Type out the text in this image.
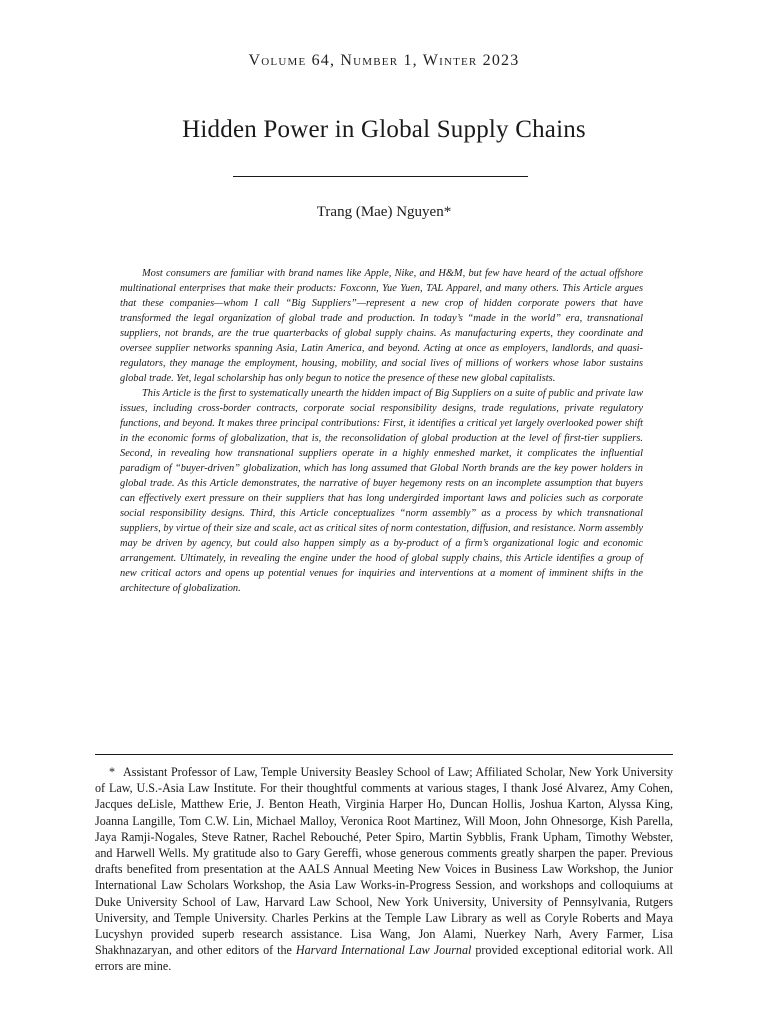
Volume 64, Number 1, Winter 2023
Hidden Power in Global Supply Chains
Trang (Mae) Nguyen*

Most consumers are familiar with brand names like Apple, Nike, and H&M, but few have heard of the actual offshore multinational enterprises that make their products: Foxconn, Yue Yuen, TAL Apparel, and many others. This Article argues that these companies—whom I call “Big Suppliers”—represent a new crop of hidden corporate powers that have transformed the legal organization of global trade and production. In today’s “made in the world” era, transnational suppliers, not brands, are the true quarterbacks of global supply chains. As manufacturing experts, they coordinate and oversee supplier networks spanning Asia, Latin America, and beyond. Acting at once as employers, landlords, and quasi-regulators, they manage the employment, housing, mobility, and social lives of millions of workers whose labor sustains global trade. Yet, legal scholarship has only begun to notice the presence of these new global capitalists.

This Article is the first to systematically unearth the hidden impact of Big Suppliers on a suite of public and private law issues, including cross-border contracts, corporate social responsibility designs, trade regulations, private regulatory functions, and beyond. It makes three principal contributions: First, it identifies a critical yet largely overlooked power shift in the economic forms of globalization, that is, the reconsolidation of global production at the level of first-tier suppliers. Second, in revealing how transnational suppliers operate in a highly enmeshed market, it complicates the influential paradigm of “buyer-driven” globalization, which has long assumed that Global North brands are the key power holders in global trade. As this Article demonstrates, the narrative of buyer hegemony rests on an incomplete assumption that buyers can effectively exert pressure on their suppliers that has long undergirded important laws and policies such as corporate social responsibility designs. Third, this Article conceptualizes “norm assembly” as a process by which transnational suppliers, by virtue of their size and scale, act as critical sites of norm contestation, diffusion, and resistance. Norm assembly may be driven by agency, but could also happen simply as a by-product of a firm’s organizational logic and economic arrangement. Ultimately, in revealing the engine under the hood of global supply chains, this Article identifies a group of new critical actors and opens up potential venues for inquiries and interventions at a moment of imminent shifts in the architecture of globalization.

* Assistant Professor of Law, Temple University Beasley School of Law; Affiliated Scholar, New York University of Law, U.S.-Asia Law Institute. For their thoughtful comments at various stages, I thank José Alvarez, Amy Cohen, Jacques deLisle, Matthew Erie, J. Benton Heath, Virginia Harper Ho, Duncan Hollis, Joshua Karton, Alyssa King, Joanna Langille, Tom C.W. Lin, Michael Malloy, Veronica Root Martinez, Will Moon, John Ohnesorge, Kish Parella, Jaya Ramji-Nogales, Steve Ratner, Rachel Rebouché, Peter Spiro, Martin Sybblis, Frank Upham, Timothy Webster, and Harwell Wells. My gratitude also to Gary Gereffi, whose generous comments greatly sharpen the paper. Previous drafts benefited from presentation at the AALS Annual Meeting New Voices in Business Law Workshop, the Junior International Law Scholars Workshop, the Asia Law Works-in-Progress Session, and workshops and colloquiums at Duke University School of Law, Harvard Law School, New York University, University of Pennsylvania, Rutgers University, and Temple University. Charles Perkins at the Temple Law Library as well as Coryle Roberts and Maya Lucyshyn provided superb research assistance. Lisa Wang, Jon Alami, Nuerkey Narh, Avery Farmer, Lisa Shakhnazaryan, and other editors of the Harvard International Law Journal provided exceptional editorial work. All errors are mine.
